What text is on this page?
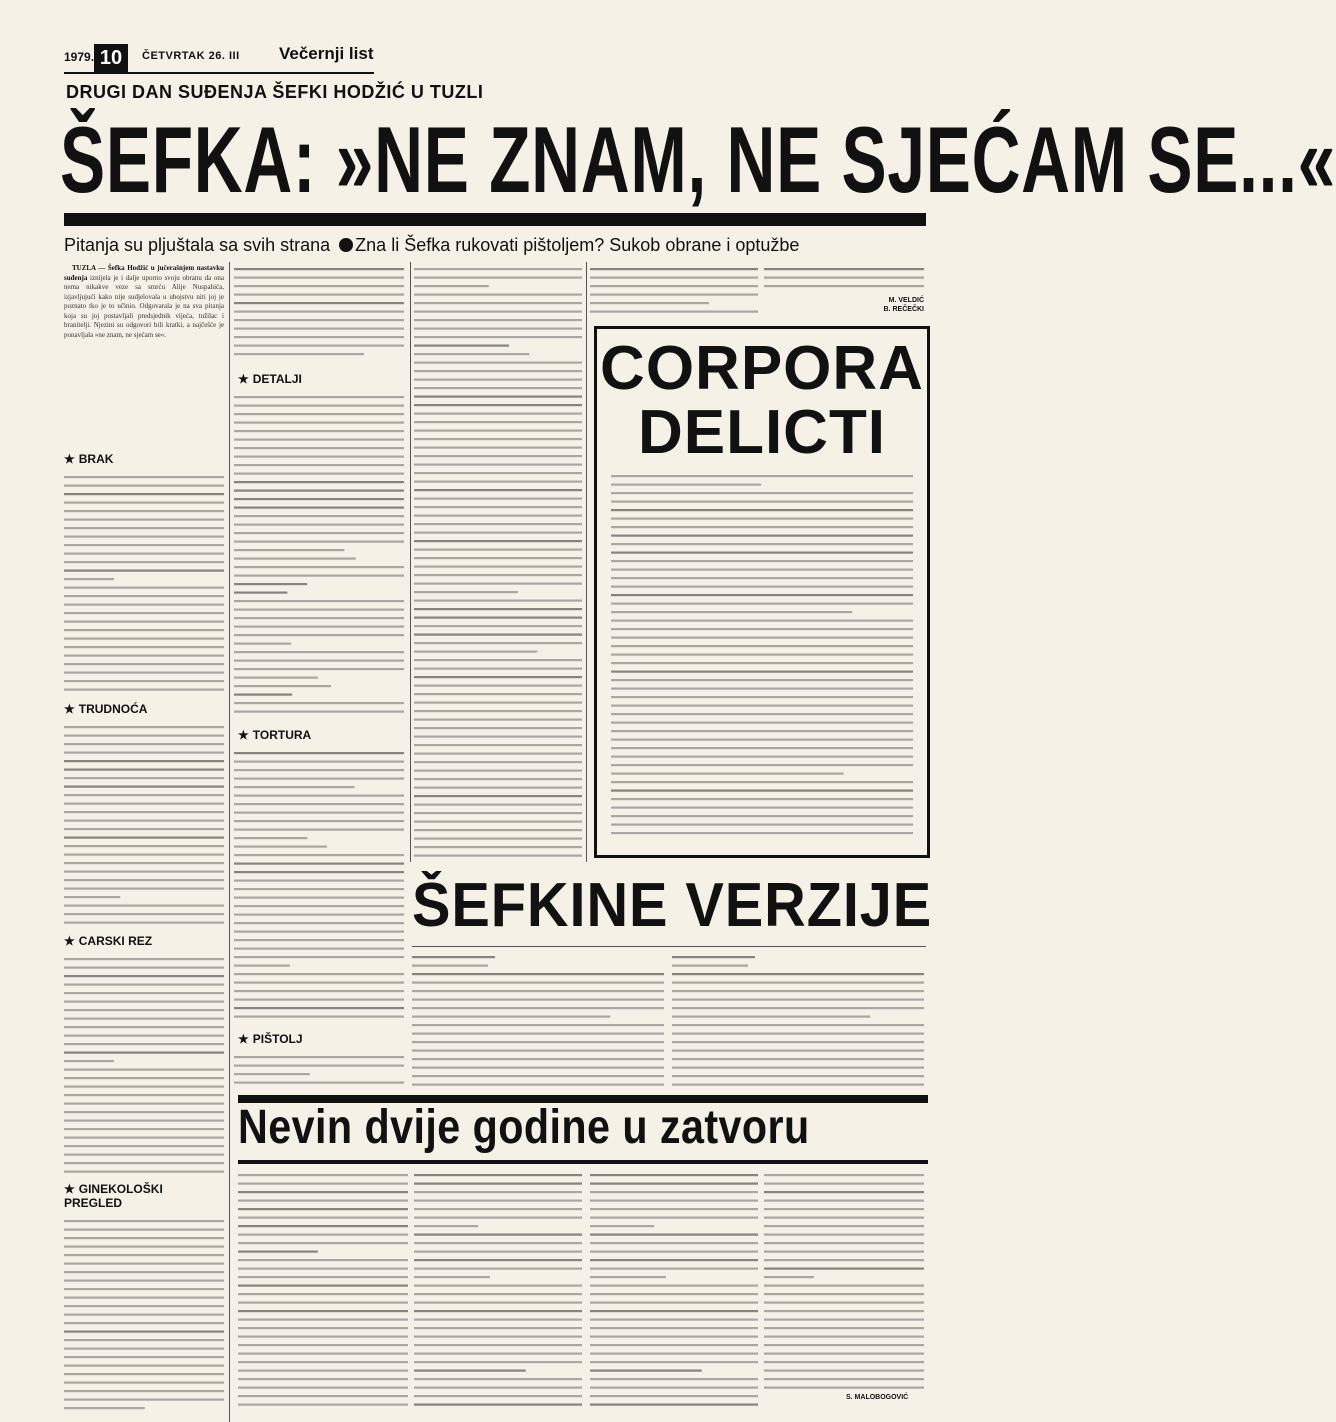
1979. 10	ČETVRTAK 26. III Večernji list
DRUGI DAN SUĐENJA ŠEFKI HODŽIĆ U TUZLI
ŠEFKA: »NE ZNAM, NE SJEĆAM SE...«
Pitanja su pljuštala sa svih strana Zna li Šefka rukovati pištoljem? Sukob obrane i optužbe

TUZLA — Šefka Hodžić u jučerašnjem nastavku suđenja iznijela je i dalje uporno svoju obranu da ona nema nikakve veze sa smrću Alije Nuspahića, izjavljujući kako nije sudjelovala u ubojstvu niti joj je poznato tko je to učinio. Odgovarala je na sva pitanja koja su joj postavljali predsjednik vijeća, tužilac i branitelji. Njezini su odgovori bili kratki, a najčešće je ponavljala »ne znam, ne sjećam se«.

★ BRAK
★ TRUDNOĆA
★ CARSKI REZ
★ GINEKOLOŠKI PREGLED
★ DETALJI
★ TORTURA
★ PIŠTOLJ
M. VELDIĆ
B. REČEČKI
CORPORA
DELICTI
ŠEFKINE VERZIJE
Nevin dvije godine u zatvoru
S. MALOBOGOVIĆ
